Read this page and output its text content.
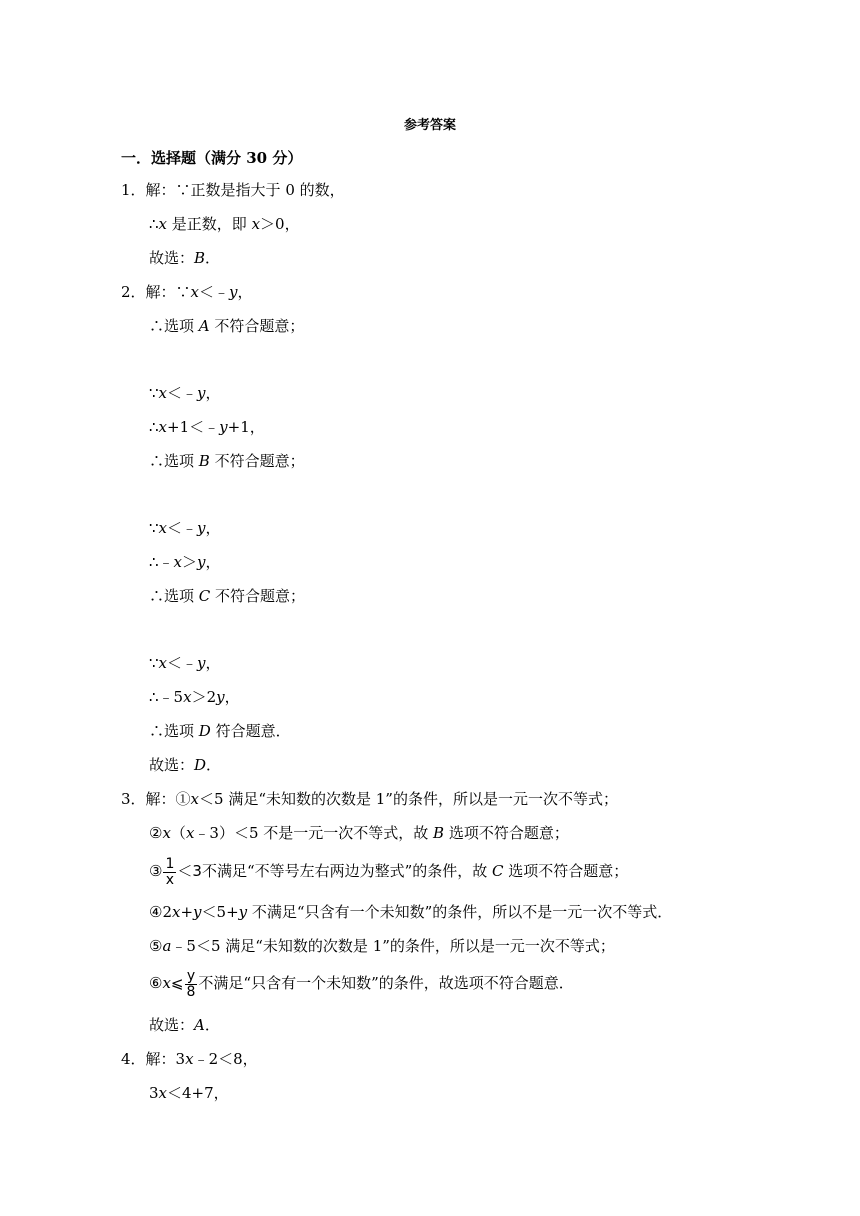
参考答案
一．选择题（满分 30 分）
1．解：∵正数是指大于 0 的数，
∴x 是正数，即 x＞0，
故选：B．
2．解：∵x＜﹣y，
∴选项 A 不符合题意；
∵x＜﹣y，
∴x+1＜﹣y+1，
∴选项 B 不符合题意；
∵x＜﹣y，
∴﹣x＞y，
∴选项 C 不符合题意；
∵x＜﹣y，
∴﹣5x＞2y，
∴选项 D 符合题意．
故选：D．
3．解：①x＜5 满足“未知数的次数是 1”的条件，所以是一元一次不等式；
②x（x﹣3）＜5 不是一元一次不等式，故 B 选项不符合题意；
③ $\frac{1}{x} <3$不满足“不等号左右两边为整式”的条件，故 C 选项不符合题意；
④2x+y＜5+y 不满足“只含有一个未知数”的条件，所以不是一元一次不等式．
⑤a﹣5＜5 满足“未知数的次数是 1”的条件，所以是一元一次不等式；
⑥x⩽ $\frac{y}{8}$ 不满足“只含有一个未知数”的条件，故选项不符合题意．
故选：A．
4．解：3x﹣2＜8，
3x＜4+7，
